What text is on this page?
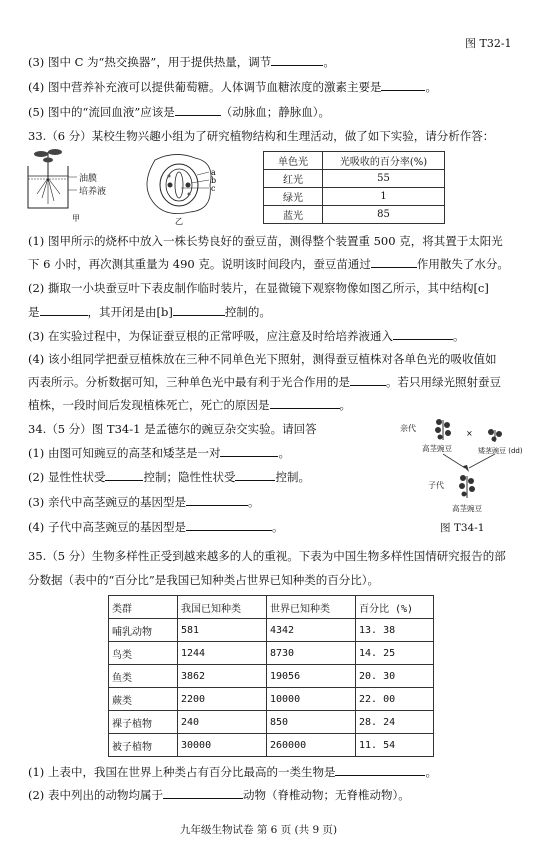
图 T32-1
(3) 图中 C 为“热交换器”，用于提供热量，调节	。
(4) 图中营养补充液可以提供葡萄糖。人体调节血糖浓度的激素主要是	。
(5) 图中的“流回血液”应该是	（动脉血；静脉血）。
33.（6 分）某校生物兴趣小组为了研究植物结构和生理活动，做了如下实验，请分析作答：
甲
油膜
培养液
a
b
c
乙
单色光	光吸收的百分率(%)
红光	55
绿光	1
蓝光	85
(1) 图甲所示的烧杯中放入一株长势良好的蚕豆苗，测得整个装置重 500 克，将其置于太阳光
下 6 小时，再次测其重量为 490 克。说明该时间段内，蚕豆苗通过	作用散失了水分。
(2) 撕取一小块蚕豆叶下表皮制作临时装片，在显微镜下观察物像如图乙所示，其中结构[c]
是	，其开闭是由[b]	控制的。
(3) 在实验过程中，为保证蚕豆根的正常呼吸，应注意及时给培养液通入	。
(4) 该小组同学把蚕豆植株放在三种不同单色光下照射，测得蚕豆植株对各单色光的吸收值如
丙表所示。分析数据可知，三种单色光中最有利于光合作用的是	。若只用绿光照射蚕豆
植株，一段时间后发现植株死亡，死亡的原因是	。
34.（5 分）图 T34-1 是孟德尔的豌豆杂交实验。请回答
(1) 由图可知豌豆的高茎和矮茎是一对	。
(2) 显性性状受	控制；隐性性状受	控制。
(3) 亲代中高茎豌豆的基因型是	。
(4) 子代中高茎豌豆的基因型是	。
×
亲代
高茎豌豆	矮茎豌豆 (dd)
子代
高茎豌豆
图 T34-1
35.（5 分）生物多样性正受到越来越多的人的重视。下表为中国生物多样性国情研究报告的部
分数据（表中的“百分比”是我国已知种类占世界已知种类的百分比）。
类群	我国已知种类	世界已知种类	百分比 (%)
哺乳动物	581	4342	13. 38
鸟类	1244	8730	14. 25
鱼类	3862	19056	20. 30
蕨类	2200	10000	22. 00
裸子植物	240	850	28. 24
被子植物	30000	260000	11. 54
(1) 上表中，我国在世界上种类占有百分比最高的一类生物是	。
(2) 表中列出的动物均属于	动物（脊椎动物；无脊椎动物）。
九年级生物试卷 第 6 页 (共 9 页)
